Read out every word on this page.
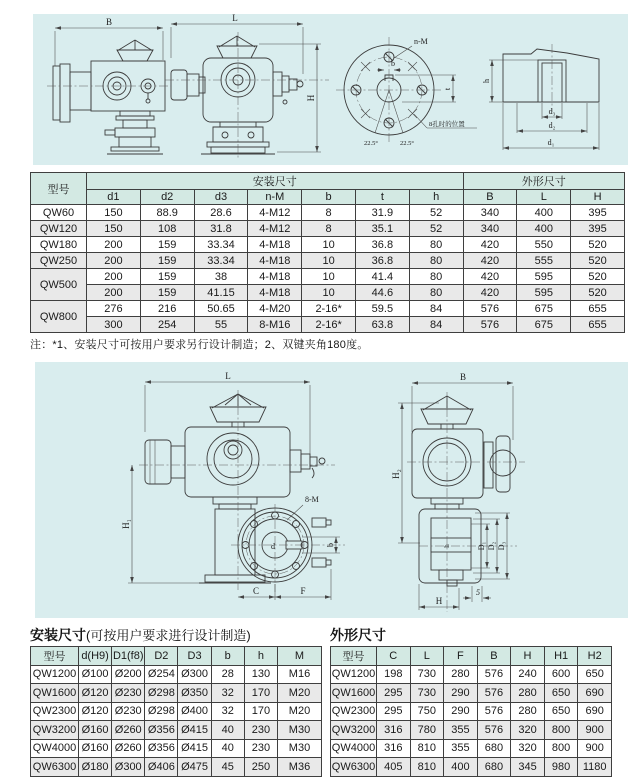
B	L
H
b
n-M
t
22.5°	22.5°
8孔时的位置
h
d₃
d₂
d₁
型号	安装尺寸							外形尺寸		
	d1	d2	d3	n-M	b	t	h	B	L	H
QW60	150	88.9	28.6	4-M12	8	31.9	52	340	400	395
QW120	150	108	31.8	4-M12	8	35.1	52	340	400	395
QW180	200	159	33.34	4-M18	10	36.8	80	420	550	520
QW250	200	159	33.34	4-M18	10	36.8	80	420	555	520
QW500	200	159	38	4-M18	10	41.4	80	420	595	520
	200	159	41.15	4-M18	10	44.6	80	420	595	520
QW800	276	216	50.65	4-M20	2-16*	59.5	84	576	675	655
	300	254	55	8-M16	2-16*	63.8	84	576	675	655
注：*1、安装尺寸可按用户要求另行设计制造；2、双键夹角180度。
L
H₁
d
8-M
b
C	F
B
H₂
h	D₁ D₂ D₃
5
H
安装尺寸(可按用户要求进行设计制造)
型号	d(H9)	D1(f8)	D2	D3	b	h	M
QW1200	Ø100	Ø200	Ø254	Ø300	28	130	M16
QW1600	Ø120	Ø230	Ø298	Ø350	32	170	M20
QW2300	Ø120	Ø230	Ø298	Ø400	32	170	M20
QW3200	Ø160	Ø260	Ø356	Ø415	40	230	M30
QW4000	Ø160	Ø260	Ø356	Ø415	40	230	M30
QW6300	Ø180	Ø300	Ø406	Ø475	45	250	M36
外形尺寸
型号	C	L	F	B	H	H1	H2
QW1200	198	730	280	576	240	600	650
QW1600	295	730	290	576	280	650	690
QW2300	295	750	290	576	280	650	690
QW3200	316	780	355	576	320	800	900
QW4000	316	810	355	680	320	800	900
QW6300	405	810	400	680	345	980	1180
